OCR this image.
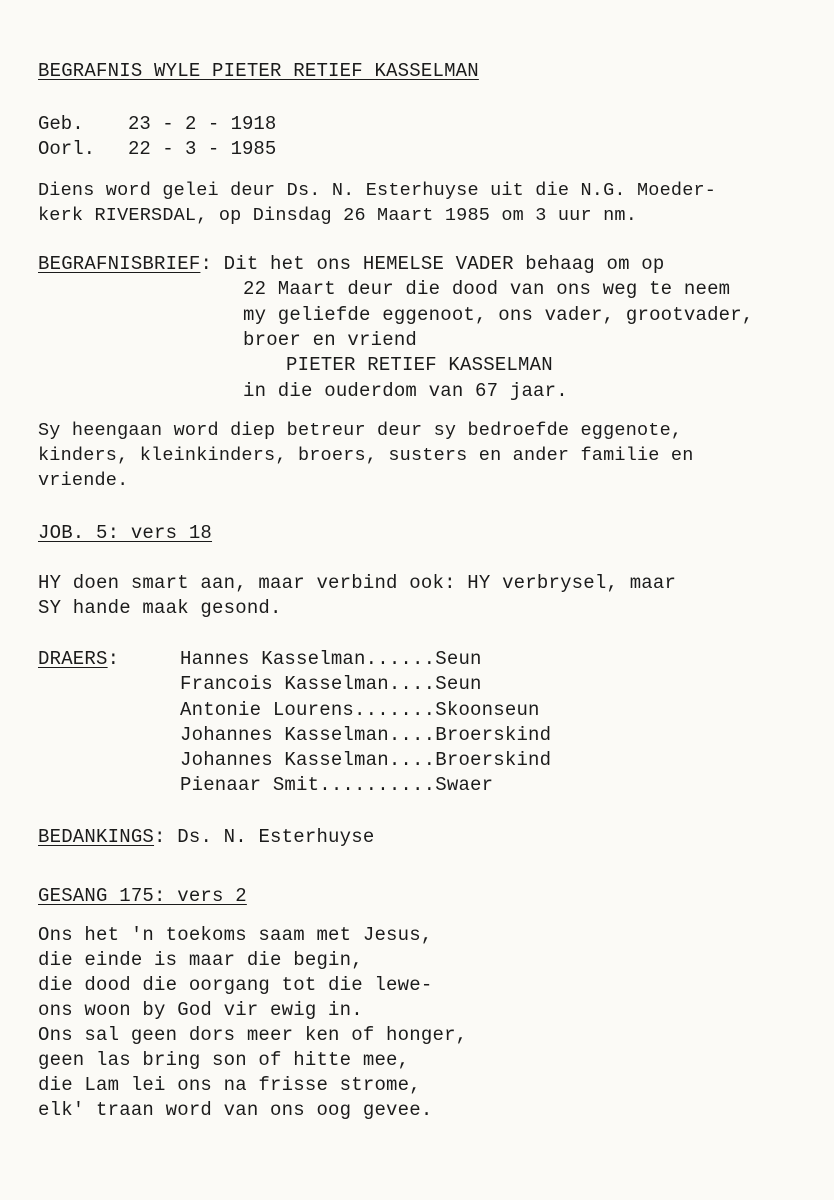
BEGRAFNIS WYLE PIETER RETIEF KASSELMAN
Geb. 23 - 2 - 1918
Oorl. 22 - 3 - 1985
Diens word gelei deur Ds. N. Esterhuyse uit die N.G. Moeder-
kerk RIVERSDAL, op Dinsdag 26 Maart 1985 om 3 uur nm.
BEGRAFNISBRIEF: Dit het ons HEMELSE VADER behaag om op
22 Maart deur die dood van ons weg te neem
my geliefde eggenoot, ons vader, grootvader,
broer en vriend
PIETER RETIEF KASSELMAN
in die ouderdom van 67 jaar.
Sy heengaan word diep betreur deur sy bedroefde eggenote,
kinders, kleinkinders, broers, susters en ander familie en
vriende.
JOB. 5: vers 18
HY doen smart aan, maar verbind ook: HY verbrysel, maar
SY hande maak gesond.
DRAERS:	Hannes Kasselman......Seun
Francois Kasselman....Seun
Antonie Lourens.......Skoonseun
Johannes Kasselman....Broerskind
Johannes Kasselman....Broerskind
Pienaar Smit..........Swaer
BEDANKINGS: Ds. N. Esterhuyse
GESANG 175: vers 2
Ons het 'n toekoms saam met Jesus,
die einde is maar die begin,
die dood die oorgang tot die lewe-
ons woon by God vir ewig in.
Ons sal geen dors meer ken of honger,
geen las bring son of hitte mee,
die Lam lei ons na frisse strome,
elk' traan word van ons oog gevee.
